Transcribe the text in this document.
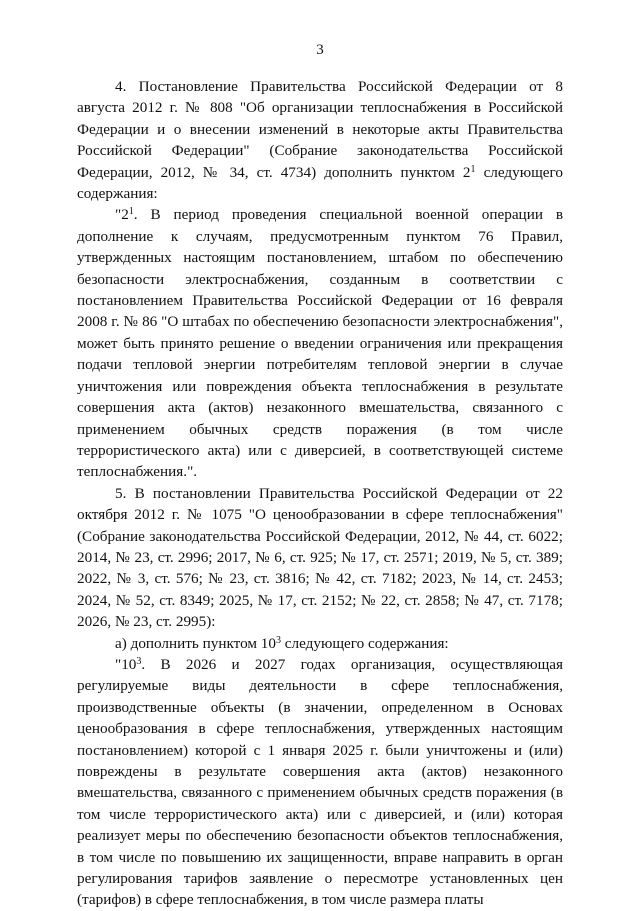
3

4. Постановление Правительства Российской Федерации от 8 августа 2012 г. № 808 "Об организации теплоснабжения в Российской Федерации и о внесении изменений в некоторые акты Правительства Российской Федерации" (Собрание законодательства Российской Федерации, 2012, № 34, ст. 4734) дополнить пунктом $2^1$ следующего содержания:

"$2^1$. В период проведения специальной военной операции в дополнение к случаям, предусмотренным пунктом 76 Правил, утвержденных настоящим постановлением, штабом по обеспечению безопасности электроснабжения, созданным в соответствии с постановлением Правительства Российской Федерации от 16 февраля 2008 г. № 86 "О штабах по обеспечению безопасности электроснабжения", может быть принято решение о введении ограничения или прекращения подачи тепловой энергии потребителям тепловой энергии в случае уничтожения или повреждения объекта теплоснабжения в результате совершения акта (актов) незаконного вмешательства, связанного с применением обычных средств поражения (в том числе террористического акта) или с диверсией, в соответствующей системе теплоснабжения.".

5. В постановлении Правительства Российской Федерации от 22 октября 2012 г. № 1075 "О ценообразовании в сфере теплоснабжения" (Собрание законодательства Российской Федерации, 2012, № 44, ст. 6022; 2014, № 23, ст. 2996; 2017, № 6, ст. 925; № 17, ст. 2571; 2019, № 5, ст. 389; 2022, № 3, ст. 576; № 23, ст. 3816; № 42, ст. 7182; 2023, № 14, ст. 2453; 2024, № 52, ст. 8349; 2025, № 17, ст. 2152; № 22, ст. 2858; № 47, ст. 7178; 2026, № 23, ст. 2995):

а) дополнить пунктом $10^3$ следующего содержания:

"$10^3$. В 2026 и 2027 годах организация, осуществляющая регулируемые виды деятельности в сфере теплоснабжения, производственные объекты (в значении, определенном в Основах ценообразования в сфере теплоснабжения, утвержденных настоящим постановлением) которой с 1 января 2025 г. были уничтожены и (или) повреждены в результате совершения акта (актов) незаконного вмешательства, связанного с применением обычных средств поражения (в том числе террористического акта) или с диверсией, и (или) которая реализует меры по обеспечению безопасности объектов теплоснабжения, в том числе по повышению их защищенности, вправе направить в орган регулирования тарифов заявление о пересмотре установленных цен (тарифов) в сфере теплоснабжения, в том числе размера платы
